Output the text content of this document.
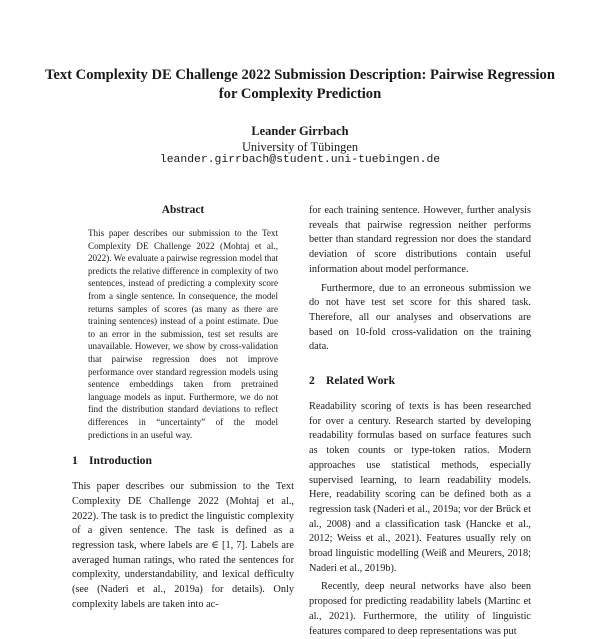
Text Complexity DE Challenge 2022 Submission Description: Pairwise Regression for Complexity Prediction
Leander Girrbach
University of Tübingen
leander.girrbach@student.uni-tuebingen.de

Abstract

This paper describes our submission to the Text Complexity DE Challenge 2022 (Mohtaj et al., 2022). We evaluate a pairwise regression model that predicts the relative difference in complexity of two sentences, instead of predicting a complexity score from a single sentence. In consequence, the model returns samples of scores (as many as there are training sentences) instead of a point estimate. Due to an error in the submission, test set results are unavailable. However, we show by cross-validation that pairwise regression does not improve performance over standard regression models using sentence embeddings taken from pretrained language models as input. Furthermore, we do not find the distribution standard deviations to reflect differences in “uncertainty” of the model predictions in an useful way.

1 Introduction

This paper describes our submission to the Text Complexity DE Challenge 2022 (Mohtaj et al., 2022). The task is to predict the linguistic complexity of a given sentence. The task is defined as a regression task, where labels are ∈ [1, 7]. Labels are averaged human ratings, who rated the sentences for complexity, understandability, and lexical defficulty (see (Naderi et al., 2019a) for details). Only complexity labels are taken into ac-

for each training sentence. However, further analysis reveals that pairwise regression neither performs better than standard regression nor does the standard deviation of score distributions contain useful information about model performance.

Furthermore, due to an erroneous submission we do not have test set score for this shared task. Therefore, all our analyses and observations are based on 10-fold cross-validation on the training data.

2 Related Work

Readability scoring of texts is has been researched for over a century. Research started by developing readability formulas based on surface features such as token counts or type-token ratios. Modern approaches use statistical methods, especially supervised learning, to learn readability models. Here, readability scoring can be defined both as a regression task (Naderi et al., 2019a; vor der Brück et al., 2008) and a classification task (Hancke et al., 2012; Weiss et al., 2021). Features usually rely on broad linguistic modelling (Weiß and Meurers, 2018; Naderi et al., 2019b).

Recently, deep neural networks have also been proposed for predicting readability labels (Martinc et al., 2021). Furthermore, the utility of linguistic features compared to deep representations was put
